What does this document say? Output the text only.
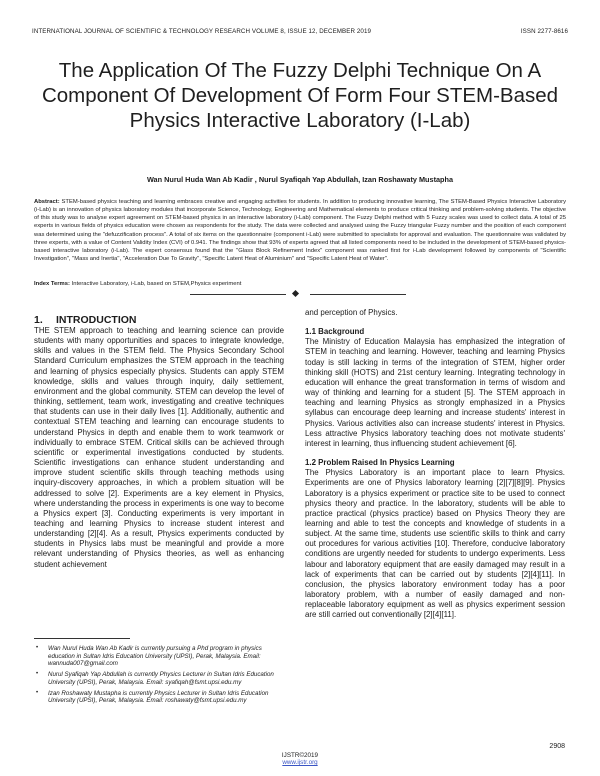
INTERNATIONAL JOURNAL OF SCIENTIFIC & TECHNOLOGY RESEARCH VOLUME 8, ISSUE 12, DECEMBER 2019	ISSN 2277-8616
The Application Of The Fuzzy Delphi Technique On A Component Of Development Of Form Four STEM-Based Physics Interactive Laboratory (I-Lab)
Wan Nurul Huda Wan Ab Kadir , Nurul Syafiqah Yap Abdullah, Izan Roshawaty Mustapha
Abstract: STEM-based physics teaching and learning embraces creative and engaging activities for students. In addition to producing innovative learning, The STEM-Based Physics Interactive Laboratory (i-Lab) is an innovation of physics laboratory modules that incorporate Science, Technology, Engineering and Mathematical elements to produce critical thinking and problem-solving students. The objective of this study was to analyse expert agreement on STEM-based physics in an interactive laboratory (i-Lab) component. The Fuzzy Delphi method with 5 Fuzzy scales was used to collect data. A total of 25 experts in various fields of physics education were chosen as respondents for the study. The data were collected and analysed using the Fuzzy triangular Fuzzy number and the position of each component was determined using the "defuzzification process". A total of six items on the questionnaire (component i-Lab) were submitted to specialists for approval and evaluation. The questionnaire was validated by three experts, with a value of Content Validity Index (CVI) of 0.941. The findings show that 93% of experts agreed that all listed components need to be included in the development of STEM-based physics-based interactive laboratory (i-Lab). The expert consensus found that the "Glass Block Refinement Index" component was ranked first for i-Lab development followed by components of "Scientific Investigation", "Mass and Inertia", "Acceleration Due To Gravity", "Specific Latent Heat of Aluminium" and "Specific Latent Heat of Water".
Index Terms: Interactive Laboratory, i-Lab, based on STEM,Physics experiment
1. INTRODUCTION

THE STEM approach to teaching and learning science can provide students with many opportunities and spaces to integrate knowledge, skills and values in the STEM field. The Physics Secondary School Standard Curriculum emphasizes the STEM approach in the teaching and learning of physics especially physics. Students can apply STEM knowledge, skills and values through inquiry, daily settlement, environment and the global community. STEM can develop the level of thinking, settlement, team work, investigating and creative techniques that students can use in their daily lives [1]. Additionally, authentic and contextual STEM teaching and learning can encourage students to understand Physics in depth and enable them to work teamwork or individually to embrace STEM. Critical skills can be achieved through scientific or experimental investigations conducted by students. Scientific investigations can enhance student understanding and improve student scientific skills through teaching methods using inquiry-discovery approaches, in which a problem situation will be addressed to solve [2]. Experiments are a key element in Physics, where understanding the process in experiments is one way to become a Physics expert [3]. Conducting experiments is very important in teaching and learning Physics to increase student interest and understanding [2][4]. As a result, Physics experiments conducted by students in Physics labs must be meaningful and provide a more relevant understanding of Physics theories, as well as enhancing student achievement

and perception of Physics.

1.1 Background

The Ministry of Education Malaysia has emphasized the integration of STEM in teaching and learning. However, teaching and learning Physics today is still lacking in terms of the integration of STEM, higher order thinking skill (HOTS) and 21st century learning. Integrating technology in education will enhance the great transformation in terms of wisdom and way of thinking and learning for a student [5]. The STEM approach in teaching and learning Physics as strongly emphasized in a Physics syllabus can encourage deep learning and increase students' interest in Physics. Various activities also can increase students' interest in Physics. Less attractive Physics laboratory teaching does not motivate students' interest in learning, thus influencing student achievement [6].

1.2 Problem Raised In Physics Learning

The Physics Laboratory is an important place to learn Physics. Experiments are one of Physics laboratory learning [2][7][8][9]. Physics Laboratory is a physics experiment or practice site to be used to connect physics theory and practice. In the laboratory, students will be able to practice practical (physics practice) based on Physics Theory they are learning and able to test the concepts and knowledge of students in a subject. At the same time, students use scientific skills to think and carry out procedures for various activities [10]. Therefore, conducive laboratory conditions are urgently needed for students to undergo experiments. Less labour and laboratory equipment that are easily damaged may result in a lack of experiments that can be carried out by students [2][4][11]. In conclusion, the physics laboratory environment today has a poor laboratory problem, with a number of easily damaged and non-replaceable laboratory equipment as well as physics experiment session are still carried out conventionally [2][4][11].

• Wan Nurul Huda Wan Ab Kadir is currently pursuing a Phd program in physics education in Sultan Idris Education University (UPSI), Perak, Malaysia. Email: wannuda007@gmail.com
• Nurul Syafiqah Yap Abdullah is currently Physics Lecturer in Sultan Idris Education University (UPSI), Perak, Malaysia. Email: syafiqah@fsmt.upsi.edu.my
• Izan Roshawaty Mustapha is currently Physics Lecturer in Sultan Idris Education University (UPSI), Perak, Malaysia. Email: roshawaty@fsmt.upsi.edu.my
2908
IJSTR©2019
www.ijstr.org
